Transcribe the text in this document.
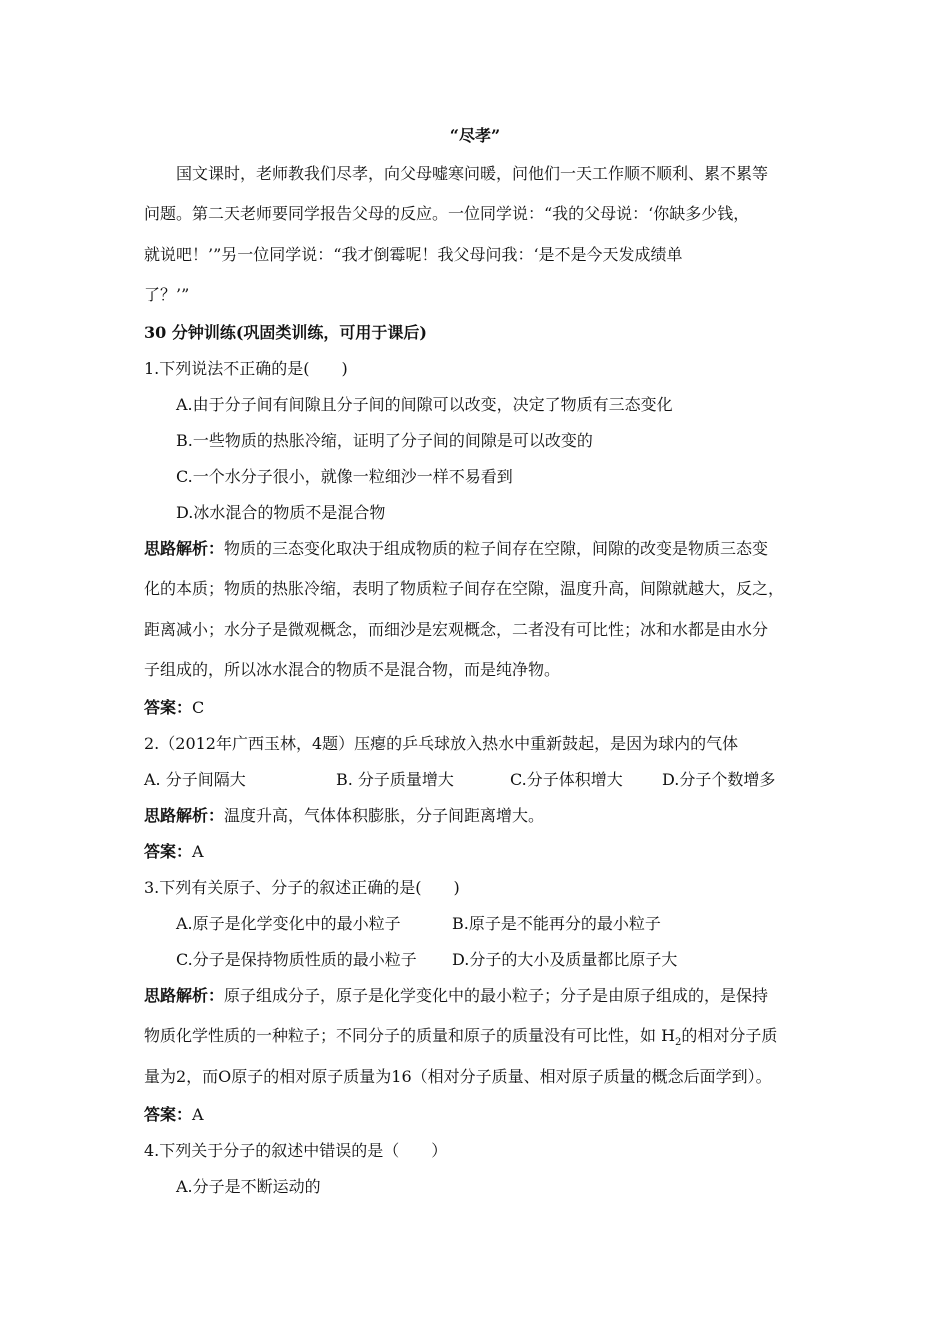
“尽孝”
国文课时，老师教我们尽孝，向父母嘘寒问暖，问他们一天工作顺不顺利、累不累等
问题。第二天老师要同学报告父母的反应。一位同学说：“我的父母说：‘你缺多少钱，
就说吧！’”另一位同学说：“我才倒霉呢！我父母问我：‘是不是今天发成绩单
了？’”
30 分钟训练(巩固类训练，可用于课后)
1.下列说法不正确的是(　　)
A.由于分子间有间隙且分子间的间隙可以改变，决定了物质有三态变化
B.一些物质的热胀冷缩，证明了分子间的间隙是可以改变的
C.一个水分子很小，就像一粒细沙一样不易看到
D.冰水混合的物质不是混合物
思路解析：物质的三态变化取决于组成物质的粒子间存在空隙，间隙的改变是物质三态变
化的本质；物质的热胀冷缩，表明了物质粒子间存在空隙，温度升高，间隙就越大，反之，
距离减小；水分子是微观概念，而细沙是宏观概念，二者没有可比性；冰和水都是由水分
子组成的，所以冰水混合的物质不是混合物，而是纯净物。
答案：C
2.（2012年广西玉林，4题）压瘪的乒乓球放入热水中重新鼓起，是因为球内的气体
A. 分子间隔大	B. 分子质量增大	C.分子体积增大 D.分子个数增多
思路解析：温度升高，气体体积膨胀，分子间距离增大。
答案：A
3.下列有关原子、分子的叙述正确的是(　　)
A.原子是化学变化中的最小粒子	B.原子是不能再分的最小粒子
C.分子是保持物质性质的最小粒子 D.分子的大小及质量都比原子大
思路解析：原子组成分子，原子是化学变化中的最小粒子；分子是由原子组成的，是保持
物质化学性质的一种粒子；不同分子的质量和原子的质量没有可比性，如 $H_2$的相对分子质
量为2，而O原子的相对原子质量为16（相对分子质量、相对原子质量的概念后面学到）。
答案：A
4.下列关于分子的叙述中错误的是（　　）
A.分子是不断运动的
